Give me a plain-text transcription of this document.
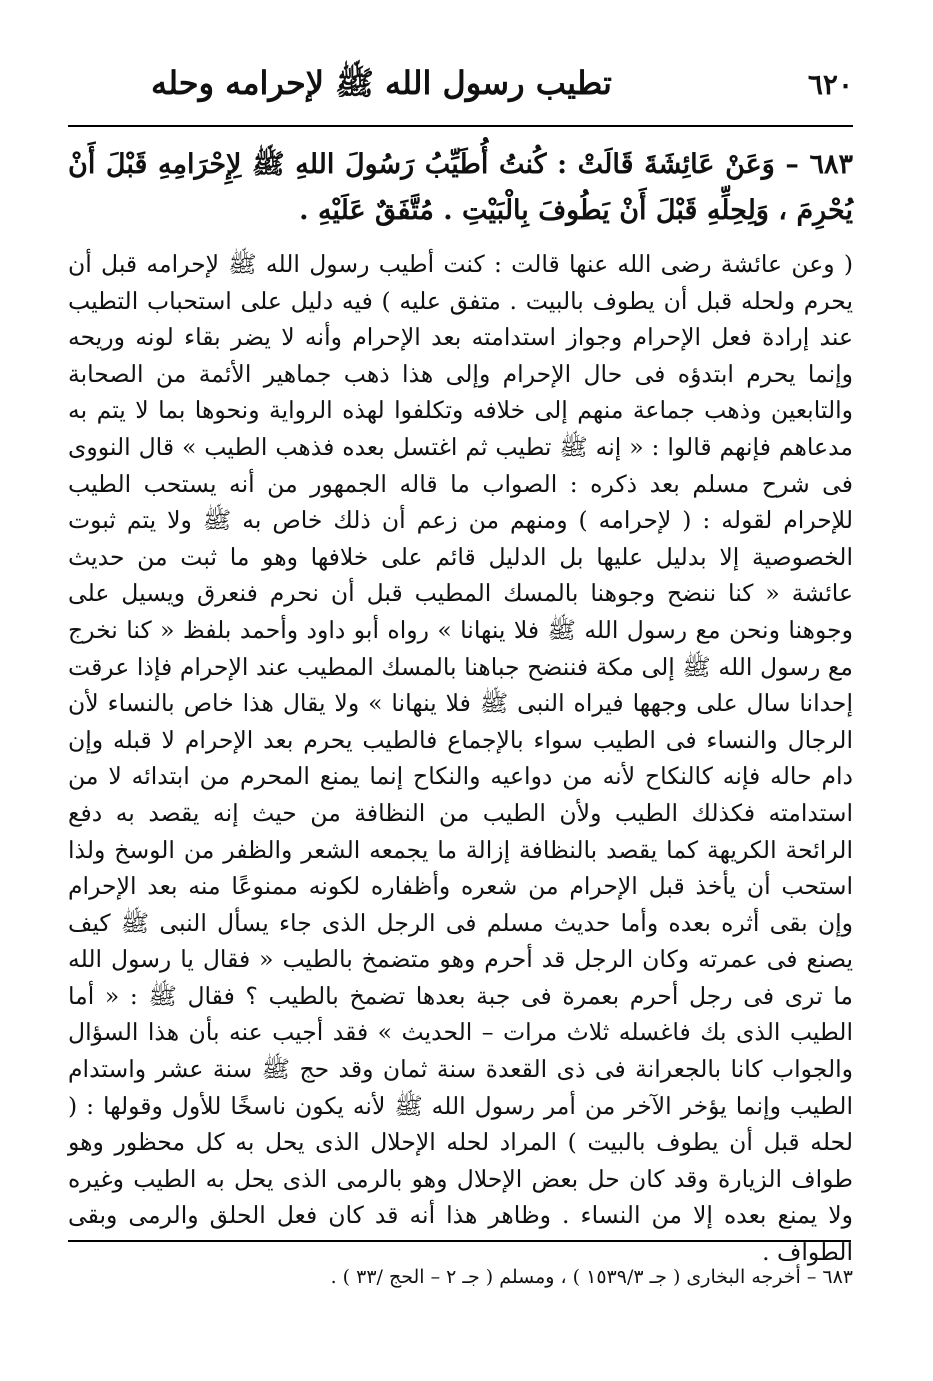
٦٢٠
تطيب رسول الله ﷺ لإحرامه وحله

٦٨٣ – وَعَنْ عَائِشَةَ قَالَتْ : كُنتُ أُطَيِّبُ رَسُولَ اللهِ ﷺ لِإِحْرَامِهِ قَبْلَ أَنْ يُحْرِمَ ، وَلِحِلِّهِ قَبْلَ أَنْ يَطُوفَ بِالْبَيْتِ . مُتَّفَقٌ عَلَيْهِ .

( وعن عائشة رضى الله عنها قالت : كنت أطيب رسول الله ﷺ لإحرامه قبل أن يحرم ولحله قبل أن يطوف بالبيت . متفق عليه ) فيه دليل على استحباب التطيب عند إرادة فعل الإحرام وجواز استدامته بعد الإحرام وأنه لا يضر بقاء لونه وريحه وإنما يحرم ابتدؤه فى حال الإحرام وإلى هذا ذهب جماهير الأئمة من الصحابة والتابعين وذهب جماعة منهم إلى خلافه وتكلفوا لهذه الرواية ونحوها بما لا يتم به مدعاهم فإنهم قالوا : « إنه ﷺ تطيب ثم اغتسل بعده فذهب الطيب » قال النووى فى شرح مسلم بعد ذكره : الصواب ما قاله الجمهور من أنه يستحب الطيب للإحرام لقوله : ( لإحرامه ) ومنهم من زعم أن ذلك خاص به ﷺ ولا يتم ثبوت الخصوصية إلا بدليل عليها بل الدليل قائم على خلافها وهو ما ثبت من حديث عائشة « كنا ننضح وجوهنا بالمسك المطيب قبل أن نحرم فنعرق ويسيل على وجوهنا ونحن مع رسول الله ﷺ فلا ينهانا » رواه أبو داود وأحمد بلفظ « كنا نخرج مع رسول الله ﷺ إلى مكة فننضح جباهنا بالمسك المطيب عند الإحرام فإذا عرقت إحدانا سال على وجهها فيراه النبى ﷺ فلا ينهانا » ولا يقال هذا خاص بالنساء لأن الرجال والنساء فى الطيب سواء بالإجماع فالطيب يحرم بعد الإحرام لا قبله وإن دام حاله فإنه كالنكاح لأنه من دواعيه والنكاح إنما يمنع المحرم من ابتدائه لا من استدامته فكذلك الطيب ولأن الطيب من النظافة من حيث إنه يقصد به دفع الرائحة الكريهة كما يقصد بالنظافة إزالة ما يجمعه الشعر والظفر من الوسخ ولذا استحب أن يأخذ قبل الإحرام من شعره وأظفاره لكونه ممنوعًا منه بعد الإحرام وإن بقى أثره بعده وأما حديث مسلم فى الرجل الذى جاء يسأل النبى ﷺ كيف يصنع فى عمرته وكان الرجل قد أحرم وهو متضمخ بالطيب « فقال يا رسول الله ما ترى فى رجل أحرم بعمرة فى جبة بعدها تضمخ بالطيب ؟ فقال ﷺ : « أما الطيب الذى بك فاغسله ثلاث مرات – الحديث » فقد أجيب عنه بأن هذا السؤال والجواب كانا بالجعرانة فى ذى القعدة سنة ثمان وقد حج ﷺ سنة عشر واستدام الطيب وإنما يؤخر الآخر من أمر رسول الله ﷺ لأنه يكون ناسخًا للأول وقولها : ( لحله قبل أن يطوف بالبيت ) المراد لحله الإحلال الذى يحل به كل محظور وهو طواف الزيارة وقد كان حل بعض الإحلال وهو بالرمى الذى يحل به الطيب وغيره ولا يمنع بعده إلا من النساء . وظاهر هذا أنه قد كان فعل الحلق والرمى وبقى الطواف .

٦٨٣ – أخرجه البخارى ( جـ ١٥٣٩/٣ ) ، ومسلم ( جـ ٢ – الحج /٣٣ ) .
